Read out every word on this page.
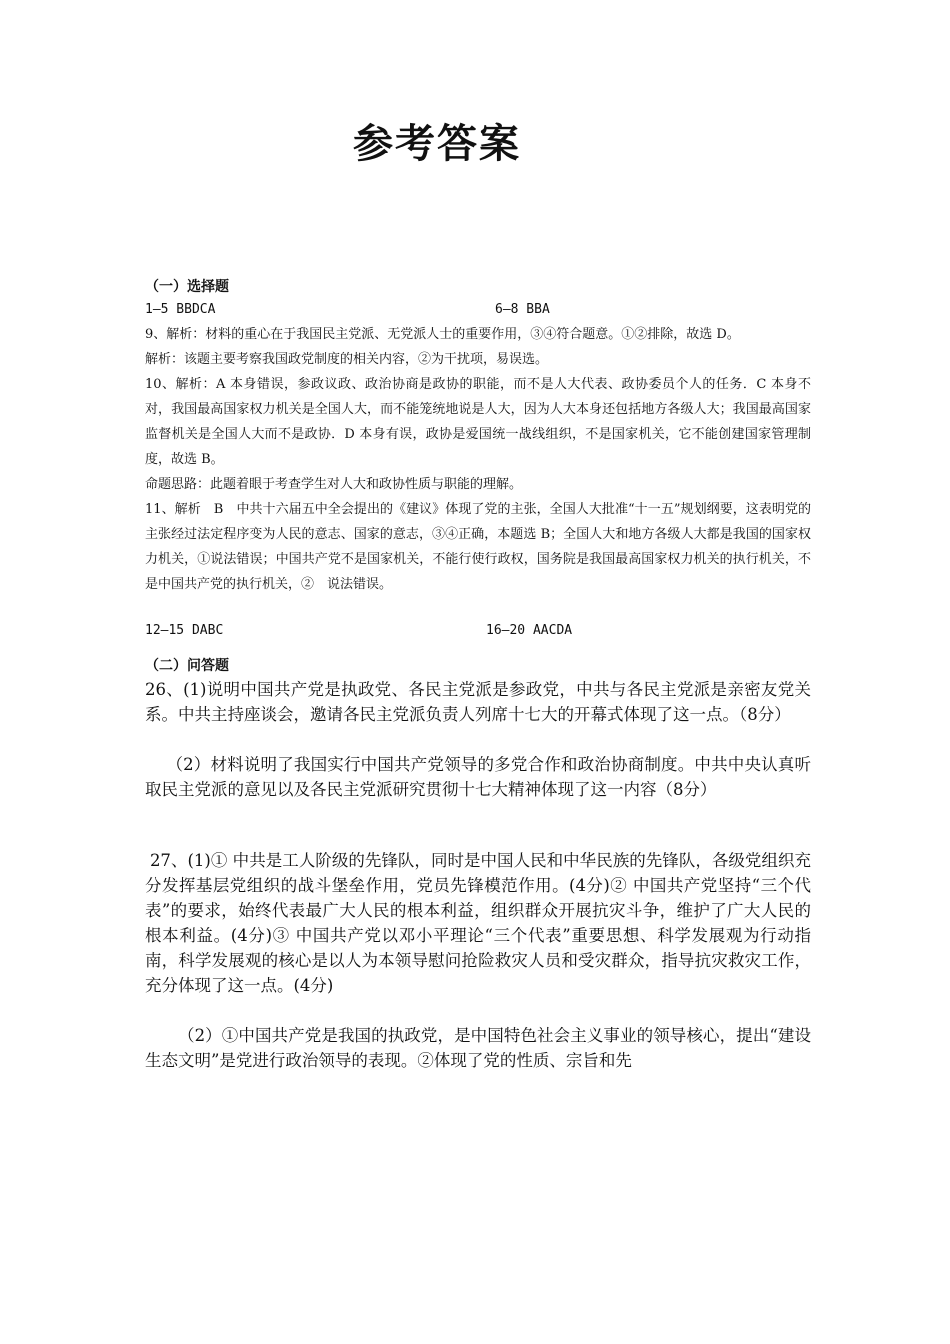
参考答案

（一）选择题

1—5 BBDCA	6—8 BBA

9、解析：材料的重心在于我国民主党派、无党派人士的重要作用，③④符合题意。①②排除，故选 D。

解析：该题主要考察我国政党制度的相关内容，②为干扰项，易误选。

10、解析：A 本身错误，参政议政、政治协商是政协的职能，而不是人大代表、政协委员个人的任务．C 本身不对，我国最高国家权力机关是全国人大，而不能笼统地说是人大，因为人大本身还包括地方各级人大；我国最高国家监督机关是全国人大而不是政协．D 本身有误，政协是爱国统一战线组织，不是国家机关，它不能创建国家管理制度，故选 B。

命题思路：此题着眼于考查学生对人大和政协性质与职能的理解。

11、解析　B　中共十六届五中全会提出的《建议》体现了党的主张，全国人大批准“十一五”规划纲要，这表明党的主张经过法定程序变为人民的意志、国家的意志，③④正确，本题选 B；全国人大和地方各级人大都是我国的国家权力机关，①说法错误；中国共产党不是国家机关，不能行使行政权，国务院是我国最高国家权力机关的执行机关，不是中国共产党的执行机关，②　说法错误。

12—15 DABC	16—20 AACDA

（二）问答题

26、(1)说明中国共产党是执政党、各民主党派是参政党，中共与各民主党派是亲密友党关系。中共主持座谈会，邀请各民主党派负责人列席十七大的开幕式体现了这一点。（8分）

（2）材料说明了我国实行中国共产党领导的多党合作和政治协商制度。中共中央认真听取民主党派的意见以及各民主党派研究贯彻十七大精神体现了这一内容（8分）

27、(1)① 中共是工人阶级的先锋队，同时是中国人民和中华民族的先锋队，各级党组织充分发挥基层党组织的战斗堡垒作用，党员先锋模范作用。(4分)② 中国共产党坚持“三个代表”的要求，始终代表最广大人民的根本利益，组织群众开展抗灾斗争，维护了广大人民的根本利益。(4分)③ 中国共产党以邓小平理论“三个代表”重要思想、科学发展观为行动指南，科学发展观的核心是以人为本领导慰问抢险救灾人员和受灾群众，指导抗灾救灾工作，充分体现了这一点。(4分)

（2）①中国共产党是我国的执政党，是中国特色社会主义事业的领导核心，提出“建设生态文明”是党进行政治领导的表现。②体现了党的性质、宗旨和先
